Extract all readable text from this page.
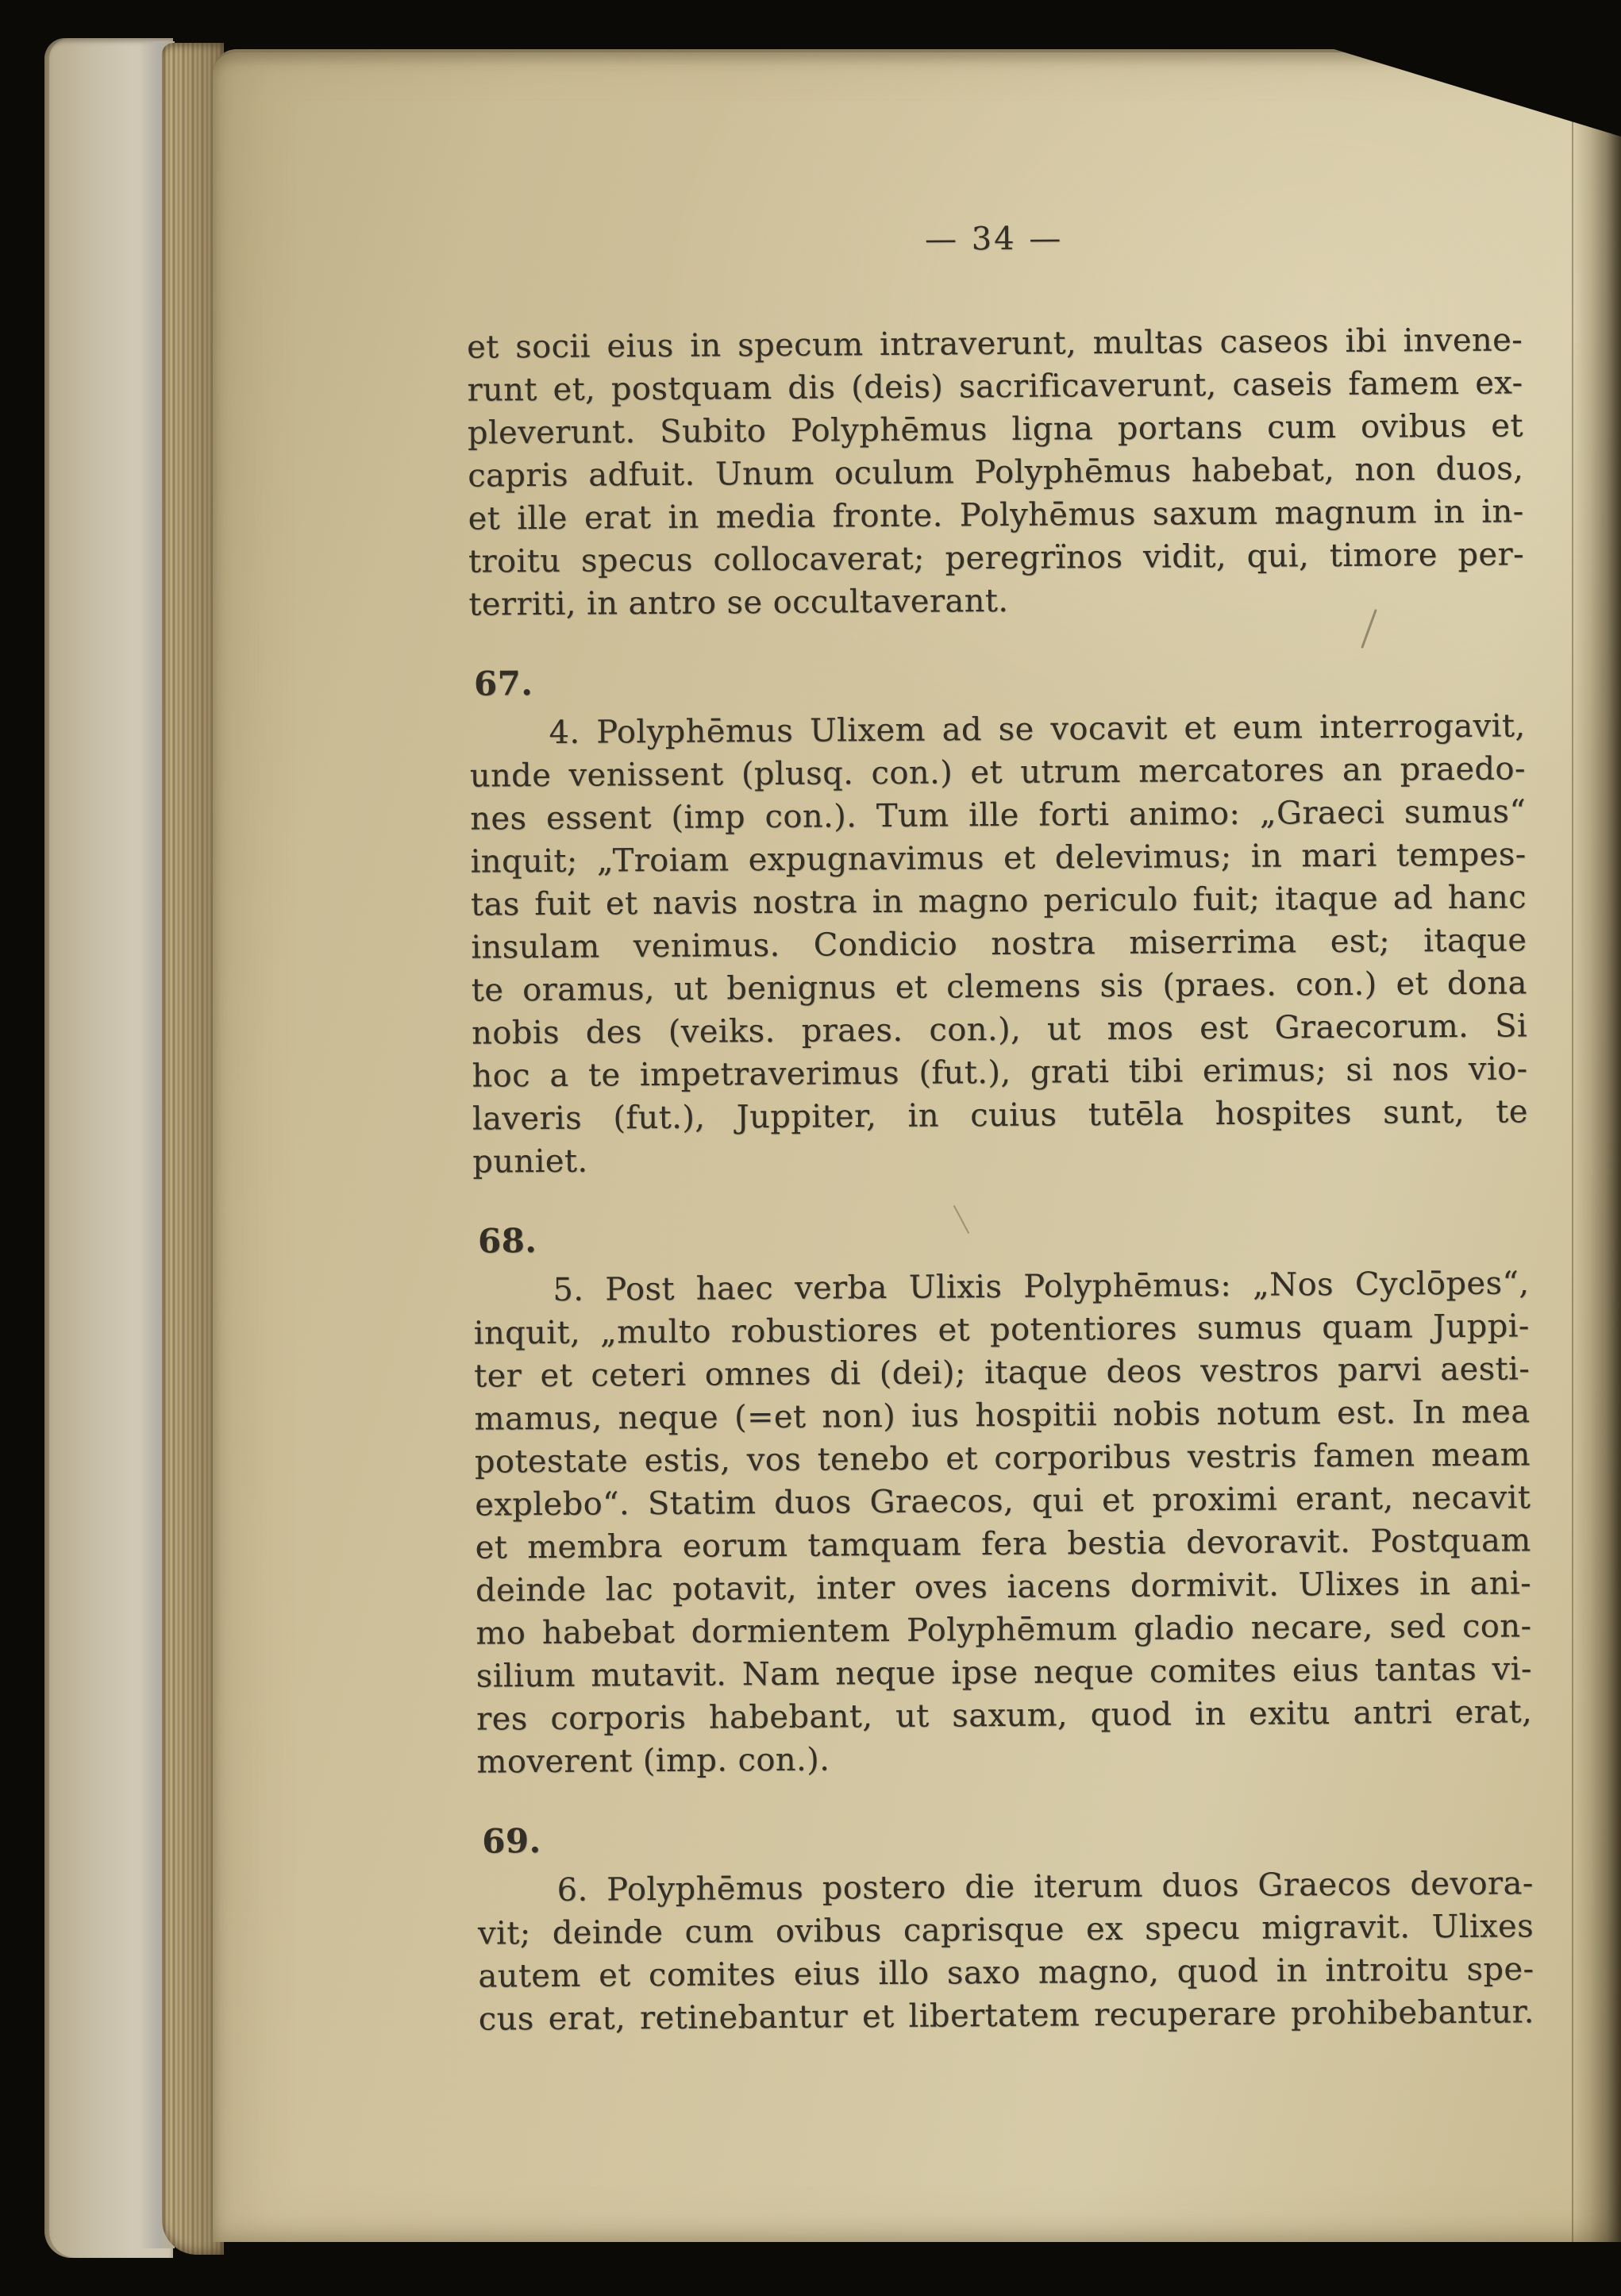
— 34 —
et socii eius in specum intraverunt, multas caseos ibi invene-
runt et, postquam dis (deis) sacrificaverunt, caseis famem ex-
pleverunt. Subito Polyphēmus ligna portans cum ovibus et
capris adfuit. Unum oculum Polyphēmus habebat, non duos,
et ille erat in media fronte. Polyhēmus saxum magnum in in-
troitu specus collocaverat; peregrïnos vidit, qui, timore per-
territi, in antro se occultaverant.
67.
4. Polyphēmus Ulixem ad se vocavit et eum interrogavit,
unde venissent (plusq. con.) et utrum mercatores an praedo-
nes essent (imp con.). Tum ille forti animo: „Graeci sumus“
inquit; „Troiam expugnavimus et delevimus; in mari tempes-
tas fuit et navis nostra in magno periculo fuit; itaque ad hanc
insulam venimus. Condicio nostra miserrima est; itaque
te oramus, ut benignus et clemens sis (praes. con.) et dona
nobis des (veiks. praes. con.), ut mos est Graecorum. Si
hoc a te impetraverimus (fut.), grati tibi erimus; si nos vio-
laveris (fut.), Juppiter, in cuius tutēla hospites sunt, te
puniet.
68.
5. Post haec verba Ulixis Polyphēmus: „Nos Cyclōpes“,
inquit, „multo robustiores et potentiores sumus quam Juppi-
ter et ceteri omnes di (dei); itaque deos vestros parvi aesti-
mamus, neque (=et non) ius hospitii nobis notum est. In mea
potestate estis, vos tenebo et corporibus vestris famen meam
explebo“. Statim duos Graecos, qui et proximi erant, necavit
et membra eorum tamquam fera bestia devoravit. Postquam
deinde lac potavit, inter oves iacens dormivit. Ulixes in ani-
mo habebat dormientem Polyphēmum gladio necare, sed con-
silium mutavit. Nam neque ipse neque comites eius tantas vi-
res corporis habebant, ut saxum, quod in exitu antri erat,
moverent (imp. con.).
69.
6. Polyphēmus postero die iterum duos Graecos devora-
vit; deinde cum ovibus caprisque ex specu migravit. Ulixes
autem et comites eius illo saxo magno, quod in introitu spe-
cus erat, retinebantur et libertatem recuperare prohibebantur.
